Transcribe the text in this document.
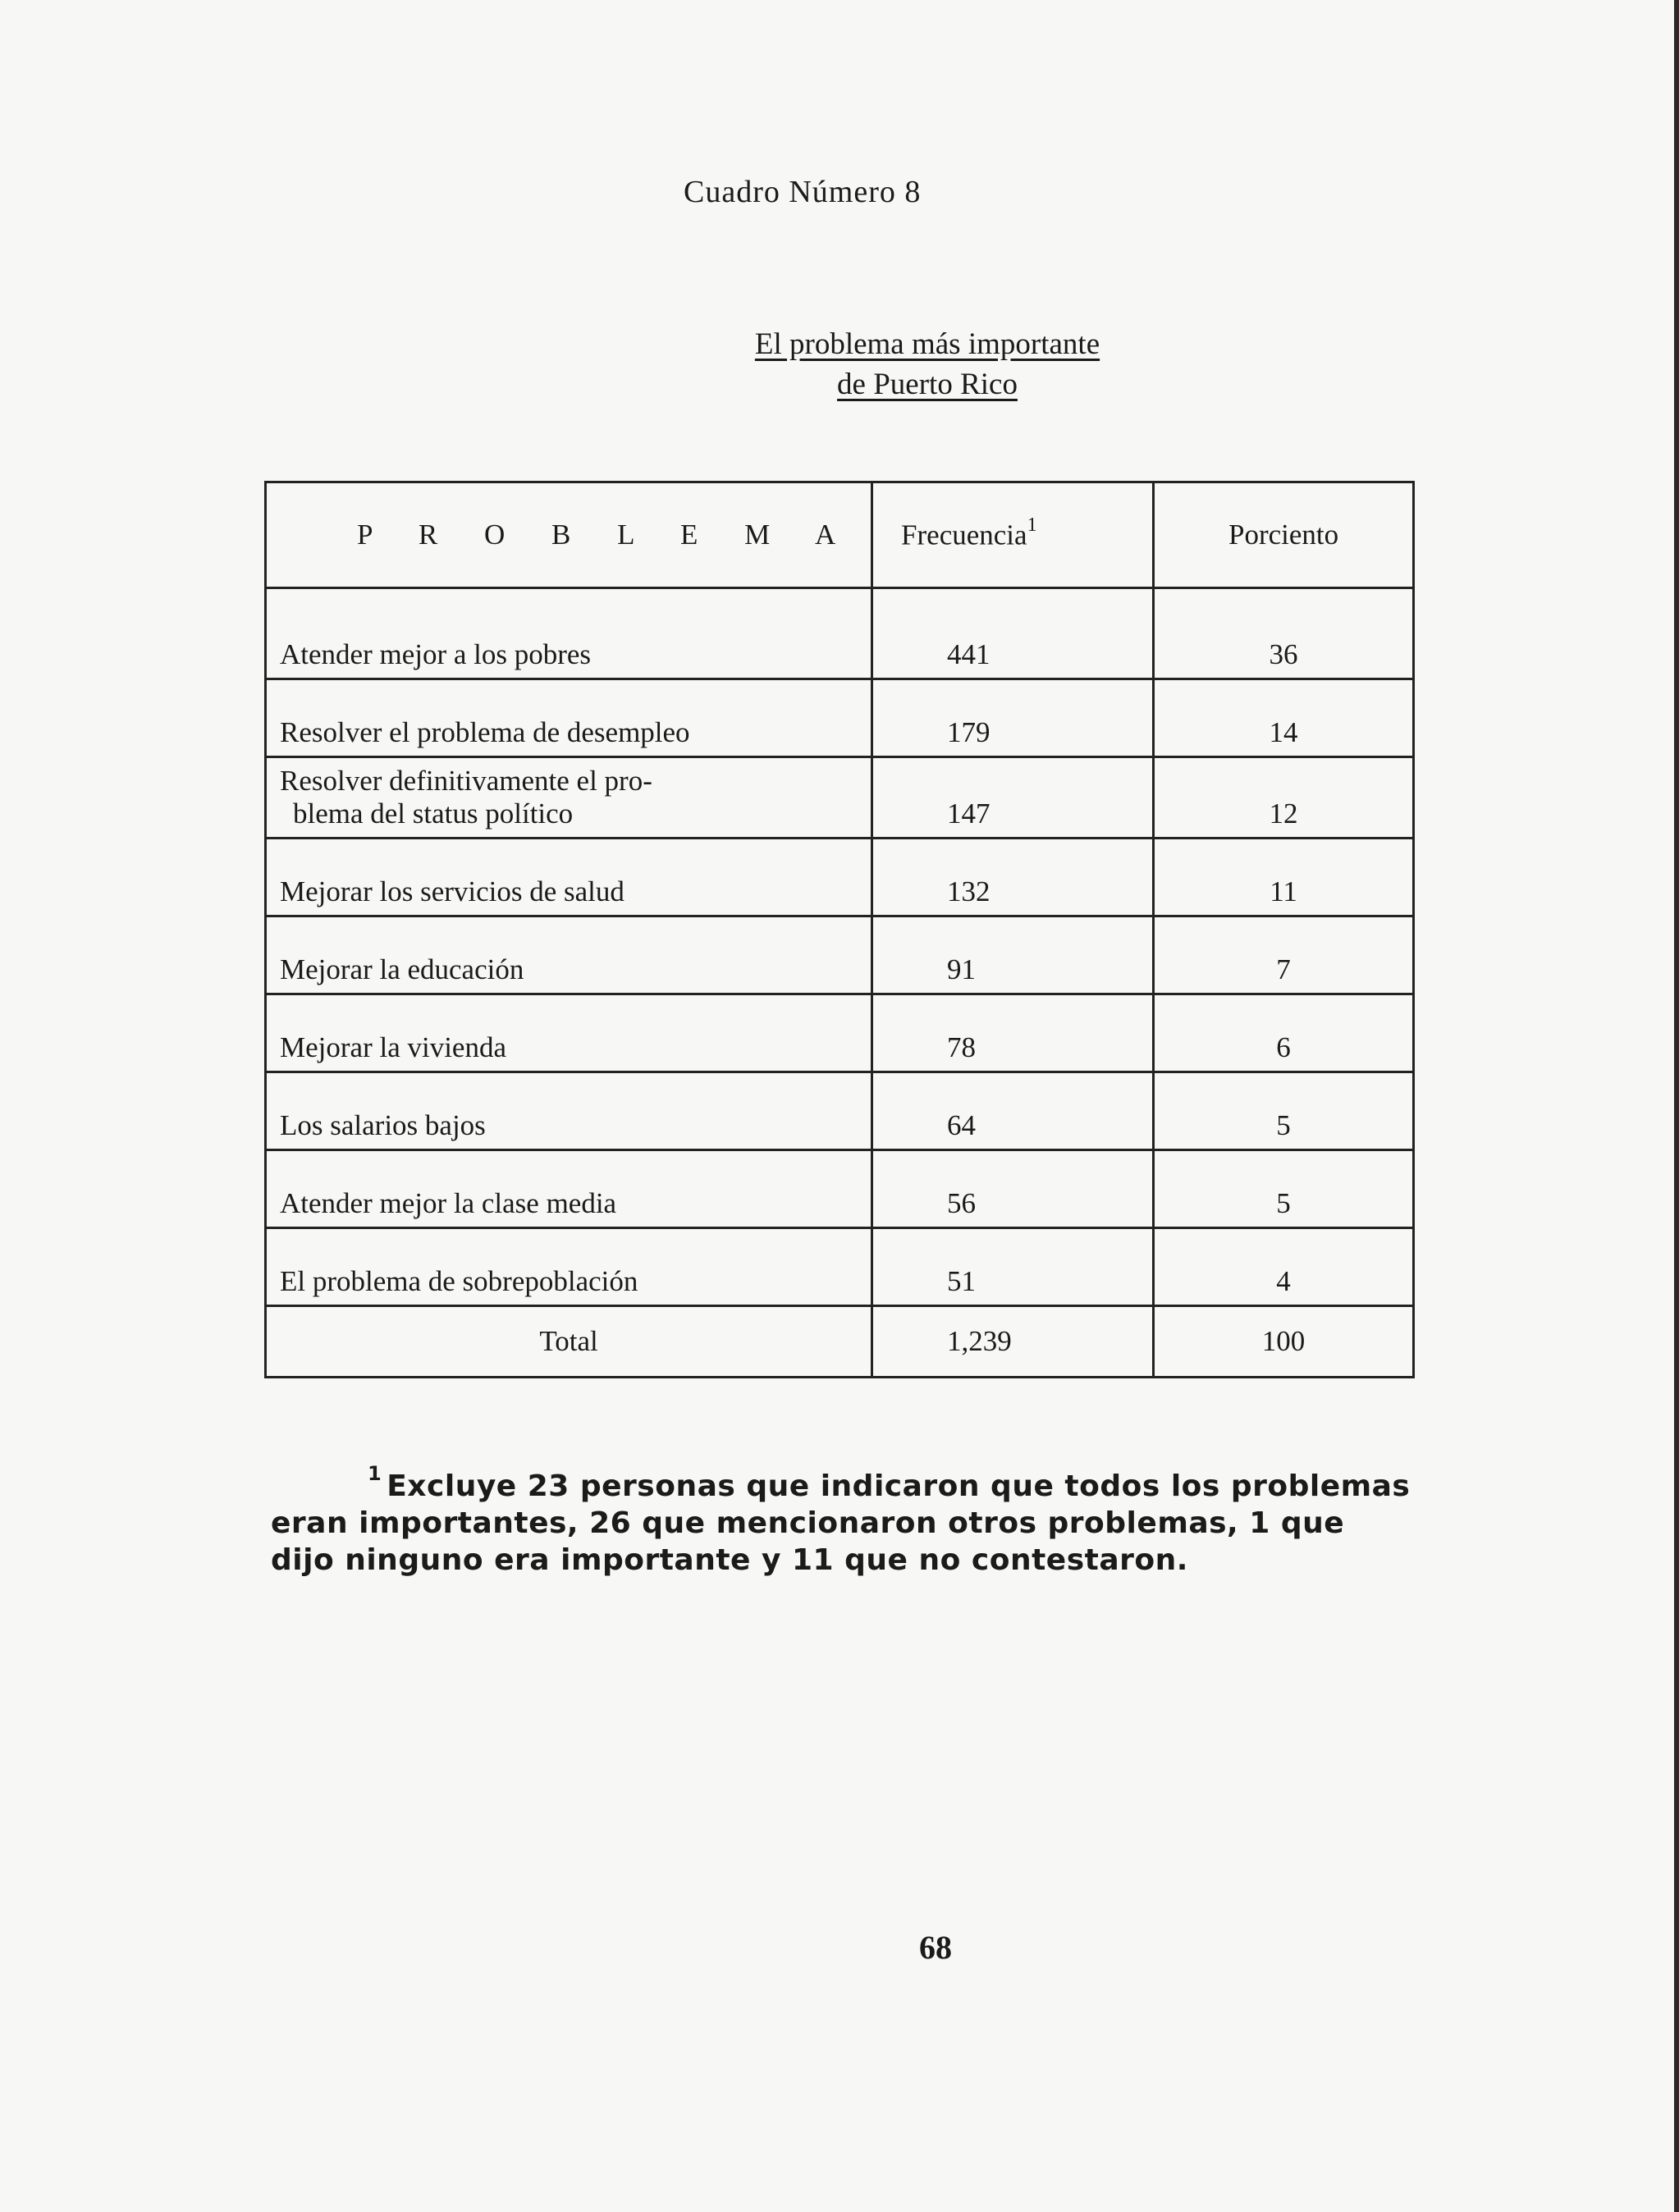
Cuadro Número 8
El problema más importante
de Puerto Rico
P R O B L E M A	Frecuencia$^1$	Porciento
Atender mejor a los pobres	441	36
Resolver el problema de desempleo	179	14
Resolver definitivamente el pro-
blema del status político	147	12
Mejorar los servicios de salud	132	11
Mejorar la educación	91	7
Mejorar la vivienda	78	6
Los salarios bajos	64	5
Atender mejor la clase media	56	5
El problema de sobrepoblación	51	4
Total	1,239	100
$^1$ Excluye 23 personas que indicaron que todos los problemas eran importantes, 26 que mencionaron otros problemas, 1 que dijo ninguno era importante y 11 que no contestaron.
68
